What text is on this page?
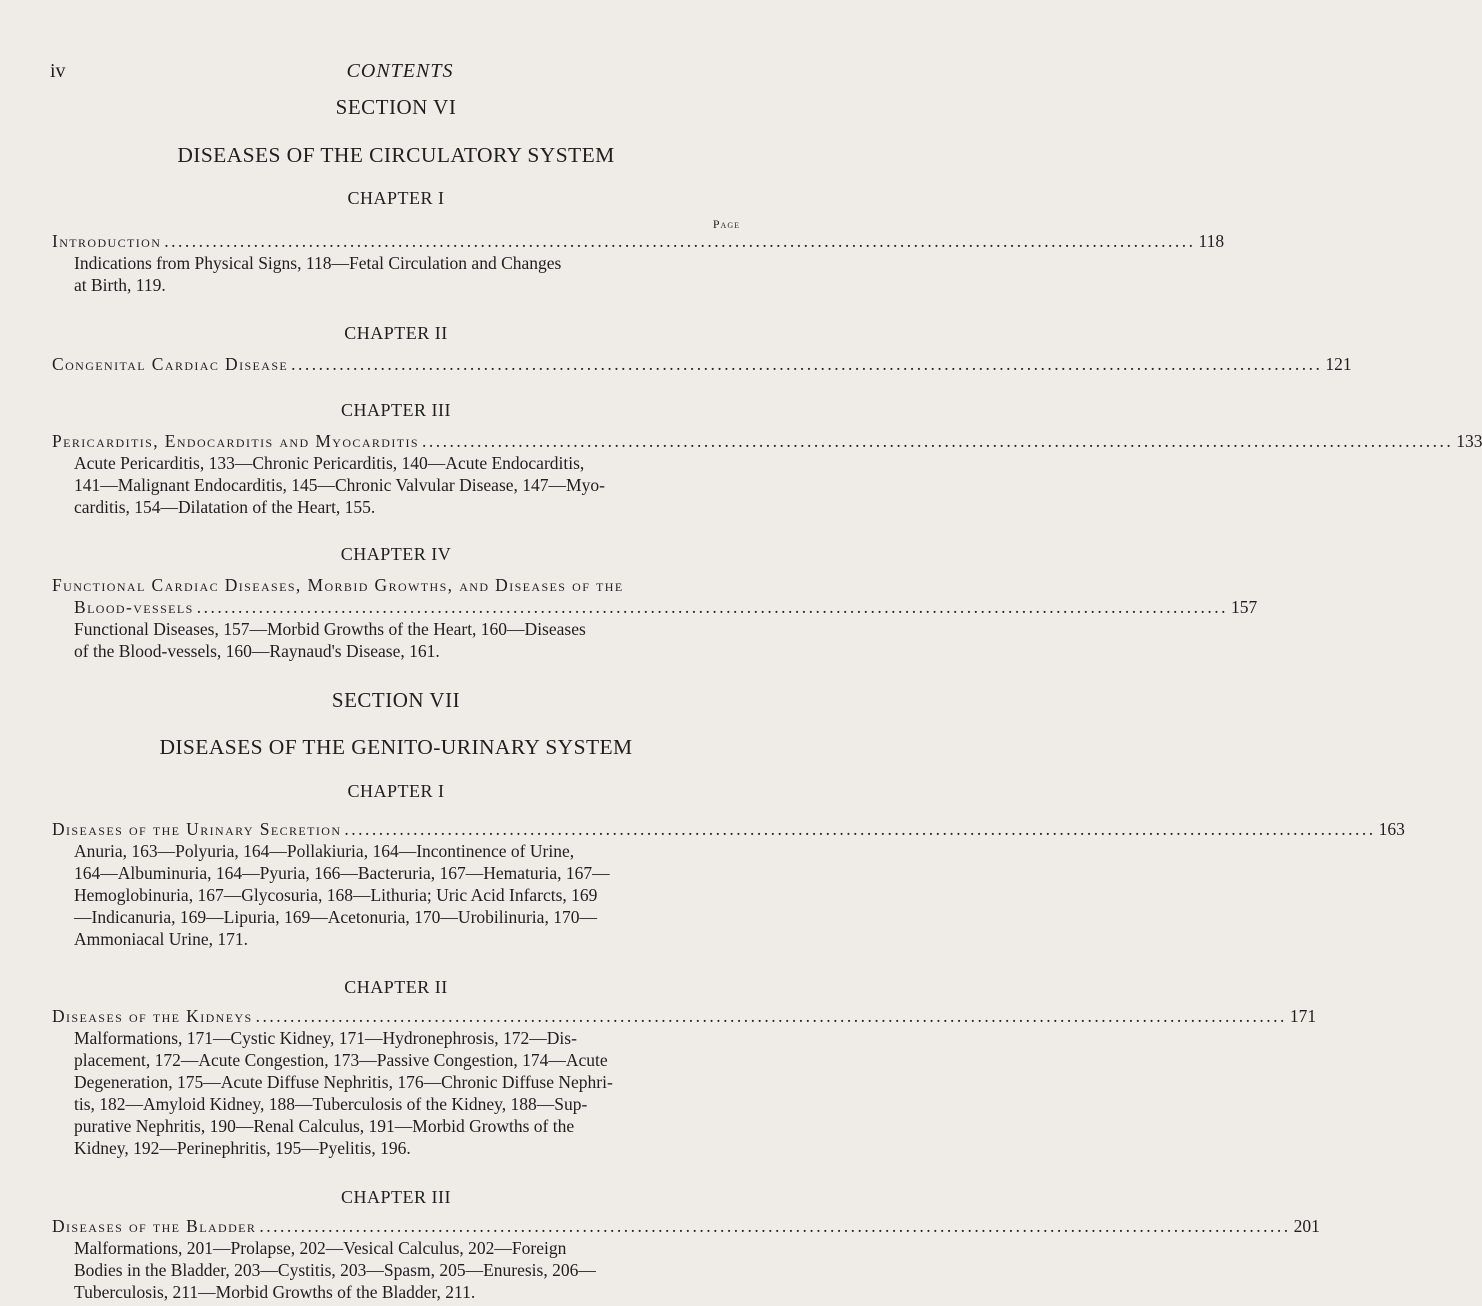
iv	CONTENTS
SECTION VI
DISEASES OF THE CIRCULATORY SYSTEM
CHAPTER I
Page
Introduction ...................................................................................................................................................... 118
Indications from Physical Signs, 118—Fetal Circulation and Changes
at Birth, 119.
CHAPTER II
Congenital Cardiac Disease ...................................................................................................................................................... 121
CHAPTER III
Pericarditis, Endocarditis and Myocarditis ...................................................................................................................................................... 133
Acute Pericarditis, 133—Chronic Pericarditis, 140—Acute Endocarditis,
141—Malignant Endocarditis, 145—Chronic Valvular Disease, 147—Myo-
carditis, 154—Dilatation of the Heart, 155.
CHAPTER IV
Functional Cardiac Diseases, Morbid Growths, and Diseases of the
Blood-vessels ...................................................................................................................................................... 157
Functional Diseases, 157—Morbid Growths of the Heart, 160—Diseases
of the Blood-vessels, 160—Raynaud's Disease, 161.
SECTION VII
DISEASES OF THE GENITO-URINARY SYSTEM
CHAPTER I
Diseases of the Urinary Secretion ...................................................................................................................................................... 163
Anuria, 163—Polyuria, 164—Pollakiuria, 164—Incontinence of Urine,
164—Albuminuria, 164—Pyuria, 166—Bacteruria, 167—Hematuria, 167—
Hemoglobinuria, 167—Glycosuria, 168—Lithuria; Uric Acid Infarcts, 169
—Indicanuria, 169—Lipuria, 169—Acetonuria, 170—Urobilinuria, 170—
Ammoniacal Urine, 171.
CHAPTER II
Diseases of the Kidneys ...................................................................................................................................................... 171
Malformations, 171—Cystic Kidney, 171—Hydronephrosis, 172—Dis-
placement, 172—Acute Congestion, 173—Passive Congestion, 174—Acute
Degeneration, 175—Acute Diffuse Nephritis, 176—Chronic Diffuse Nephri-
tis, 182—Amyloid Kidney, 188—Tuberculosis of the Kidney, 188—Sup-
purative Nephritis, 190—Renal Calculus, 191—Morbid Growths of the
Kidney, 192—Perinephritis, 195—Pyelitis, 196.
CHAPTER III
Diseases of the Bladder ...................................................................................................................................................... 201
Malformations, 201—Prolapse, 202—Vesical Calculus, 202—Foreign
Bodies in the Bladder, 203—Cystitis, 203—Spasm, 205—Enuresis, 206—
Tuberculosis, 211—Morbid Growths of the Bladder, 211.
